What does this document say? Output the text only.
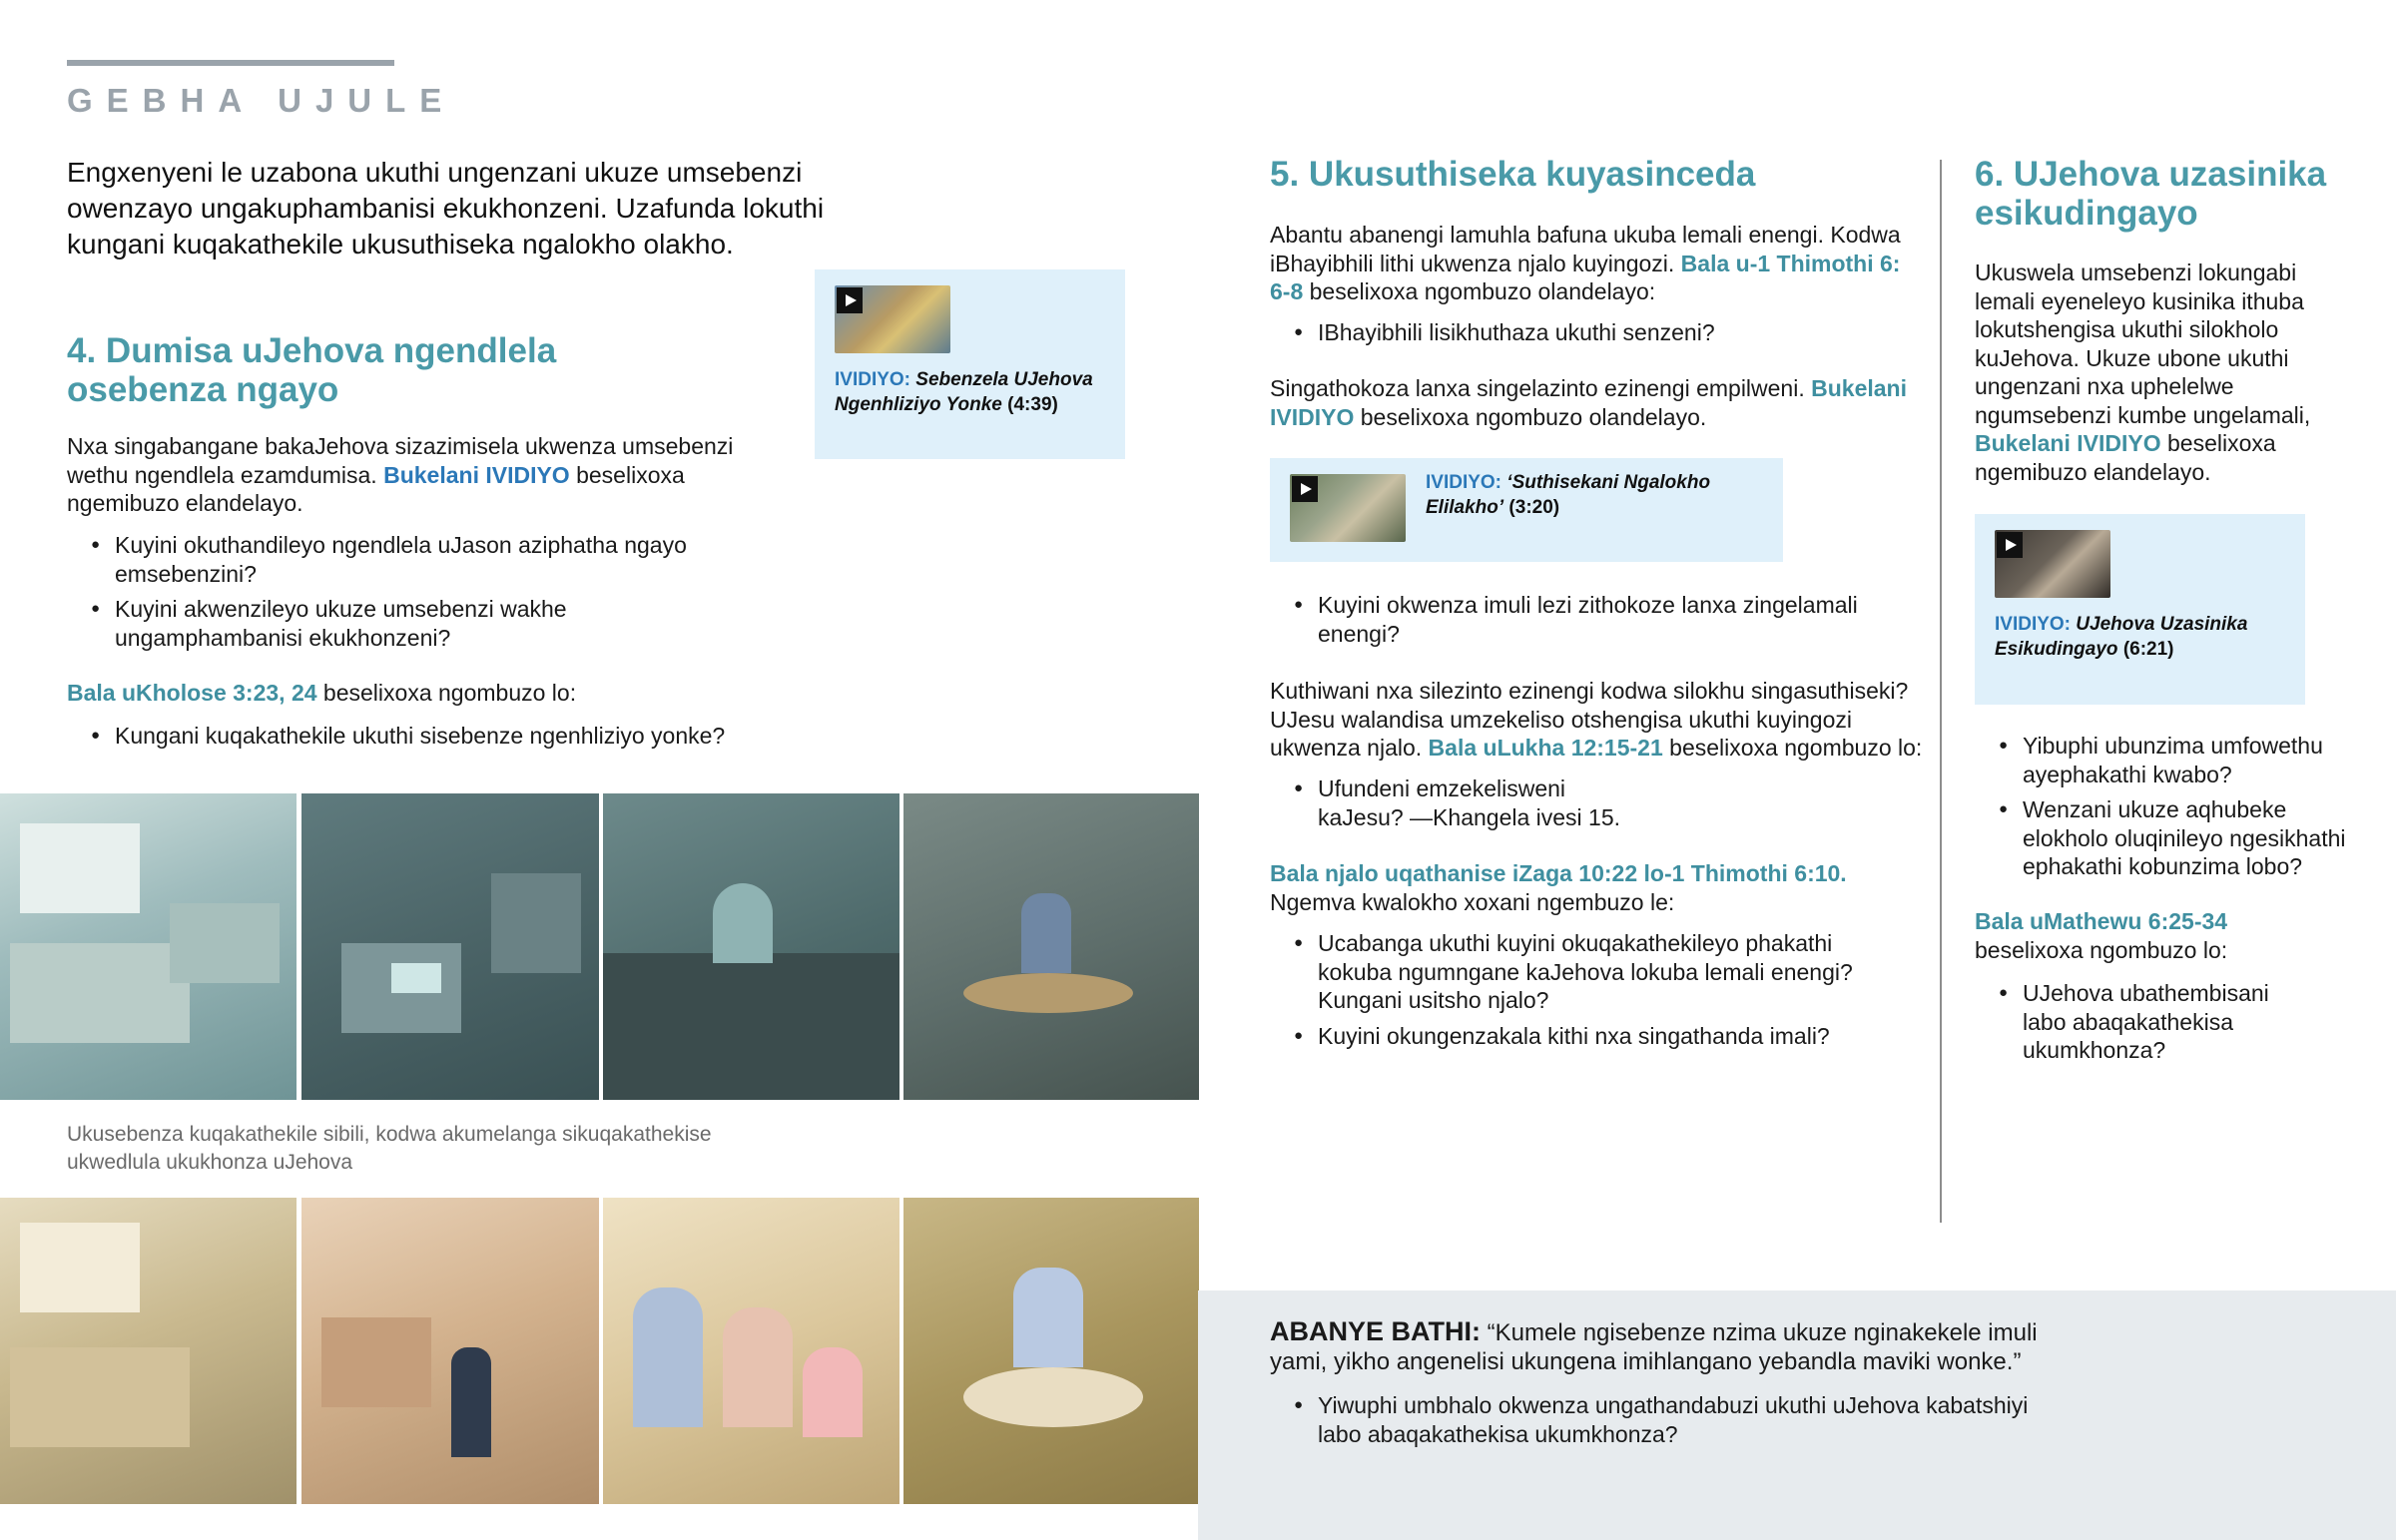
GEBHA UJULE
Engxenyeni le uzabona ukuthi ungenzani ukuze umsebenzi owenzayo ungakuphambanisi ekukhonzeni. Uzafunda lokuthi kungani kuqakathekile ukusuthiseka ngalokho olakho.
4. Dumisa uJehova ngendlela osebenza ngayo
Nxa singabangane bakaJehova sizazimisela ukwenza umsebenzi wethu ngendlela ezamdumisa. Bukelani IVIDIYO beselixoxa ngemibuzo elandelayo.
● Kuyini okuthandileyo ngendlela uJason aziphatha ngayo emsebenzini?
● Kuyini akwenzileyo ukuze umsebenzi wakhe ungamphambanisi ekukhonzeni?
Bala uKholose 3:23, 24 beselixoxa ngombuzo lo:
● Kungani kuqakathekile ukuthi sisebenze ngenhliziyo yonke?
IVIDIYO: Sebenzela UJehova Ngenhliziyo Yonke (4:39)
Ukusebenza kuqakathekile sibili, kodwa akumelanga sikuqakathekise ukwedlula ukukhonza uJehova
5. Ukusuthiseka kuyasinceda
Abantu abanengi lamuhla bafuna ukuba lemali enengi. Kodwa iBhayibhili lithi ukwenza njalo kuyingozi. Bala u-1 Thimothi 6: 6-8 beselixoxa ngombuzo olandelayo:
● IBhayibhili lisikhuthaza ukuthi senzeni?
Singathokoza lanxa singelazinto ezinengi empilweni. Bukelani IVIDIYO beselixoxa ngombuzo olandelayo.
IVIDIYO: ‘Suthisekani Ngalokho Elilakho’ (3:20)
● Kuyini okwenza imuli lezi zithokoze lanxa zingelamali enengi?
Kuthiwani nxa silezinto ezinengi kodwa silokhu singasuthiseki? UJesu walandisa umzekeliso otshengisa ukuthi kuyingozi ukwenza njalo. Bala uLukha 12:15-21 beselixoxa ngombuzo lo:
● Ufundeni emzekelisweni kaJesu? —Khangela ivesi 15.
Bala njalo uqathanise iZaga 10:22 lo-1 Thimothi 6:10.
Ngemva kwalokho xoxani ngembuzo le:
● Ucabanga ukuthi kuyini okuqakathekileyo phakathi kokuba ngumngane kaJehova lokuba lemali enengi? Kungani usitsho njalo?
● Kuyini okungenzakala kithi nxa singathanda imali?
6. UJehova uzasinika esikudingayo
Ukuswela umsebenzi lokungabi lemali eyeneleyo kusinika ithuba lokutshengisa ukuthi silokholo kuJehova. Ukuze ubone ukuthi ungenzani nxa uphelelwe ngumsebenzi kumbe ungelamali, Bukelani IVIDIYO beselixoxa ngemibuzo elandelayo.
IVIDIYO: UJehova Uzasinika Esikudingayo (6:21)
● Yibuphi ubunzima umfowethu ayephakathi kwabo?
● Wenzani ukuze aqhubeke elokholo oluqinileyo ngesikhathi ephakathi kobunzima lobo?
Bala uMathewu 6:25-34
beselixoxa ngombuzo lo:
● UJehova ubathembisani labo abaqakathekisa ukumkhonza?
ABANYE BATHI: “Kumele ngisebenze nzima ukuze nginakekele imuli yami, yikho angenelisi ukungena imihlangano yebandla maviki wonke.”
● Yiwuphi umbhalo okwenza ungathandabuzi ukuthi uJehova kabatshiyi labo abaqakathekisa ukumkhonza?
